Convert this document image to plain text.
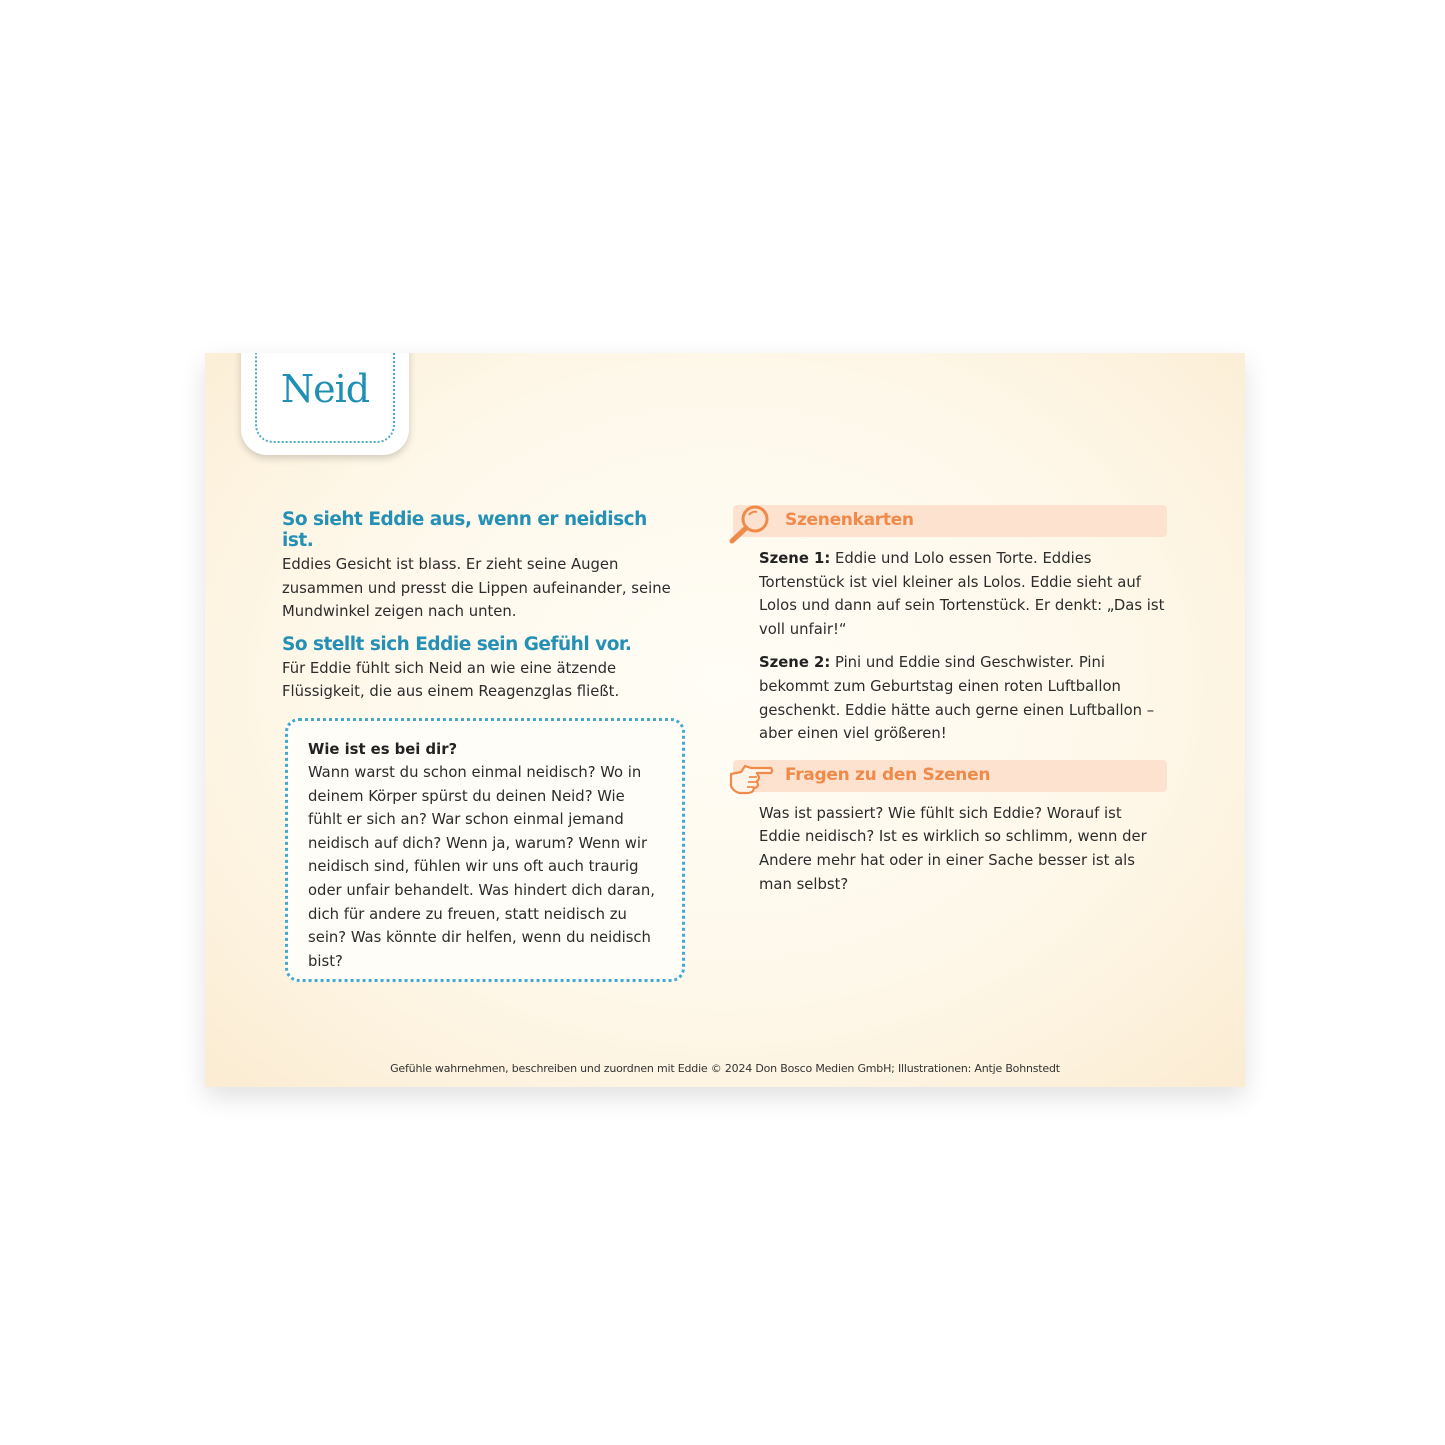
Neid
So sieht Eddie aus, wenn er neidisch ist.

Eddies Gesicht ist blass. Er zieht seine Augen zusammen und presst die Lippen aufeinander, seine Mundwinkel zeigen nach unten.

So stellt sich Eddie sein Gefühl vor.

Für Eddie fühlt sich Neid an wie eine ätzende Flüssigkeit, die aus einem Reagenzglas fließt.

Wie ist es bei dir?

Wann warst du schon einmal neidisch? Wo in deinem Körper spürst du deinen Neid? Wie fühlt er sich an? War schon einmal jemand neidisch auf dich? Wenn ja, warum? Wenn wir neidisch sind, fühlen wir uns oft auch traurig oder unfair behandelt. Was hindert dich daran, dich für andere zu freuen, statt neidisch zu sein? Was könnte dir helfen, wenn du neidisch bist?

Szenenkarten

Szene 1: Eddie und Lolo essen Torte. Eddies Tortenstück ist viel kleiner als Lolos. Eddie sieht auf Lolos und dann auf sein Tortenstück. Er denkt: „Das ist voll unfair!“

Szene 2: Pini und Eddie sind Geschwister. Pini bekommt zum Geburtstag einen roten Luftballon geschenkt. Eddie hätte auch gerne einen Luftballon – aber einen viel größeren!

Fragen zu den Szenen

Was ist passiert? Wie fühlt sich Eddie? Worauf ist Eddie neidisch? Ist es wirklich so schlimm, wenn der Andere mehr hat oder in einer Sache besser ist als man selbst?

Gefühle wahrnehmen, beschreiben und zuordnen mit Eddie © 2024 Don Bosco Medien GmbH; Illustrationen: Antje Bohnstedt
